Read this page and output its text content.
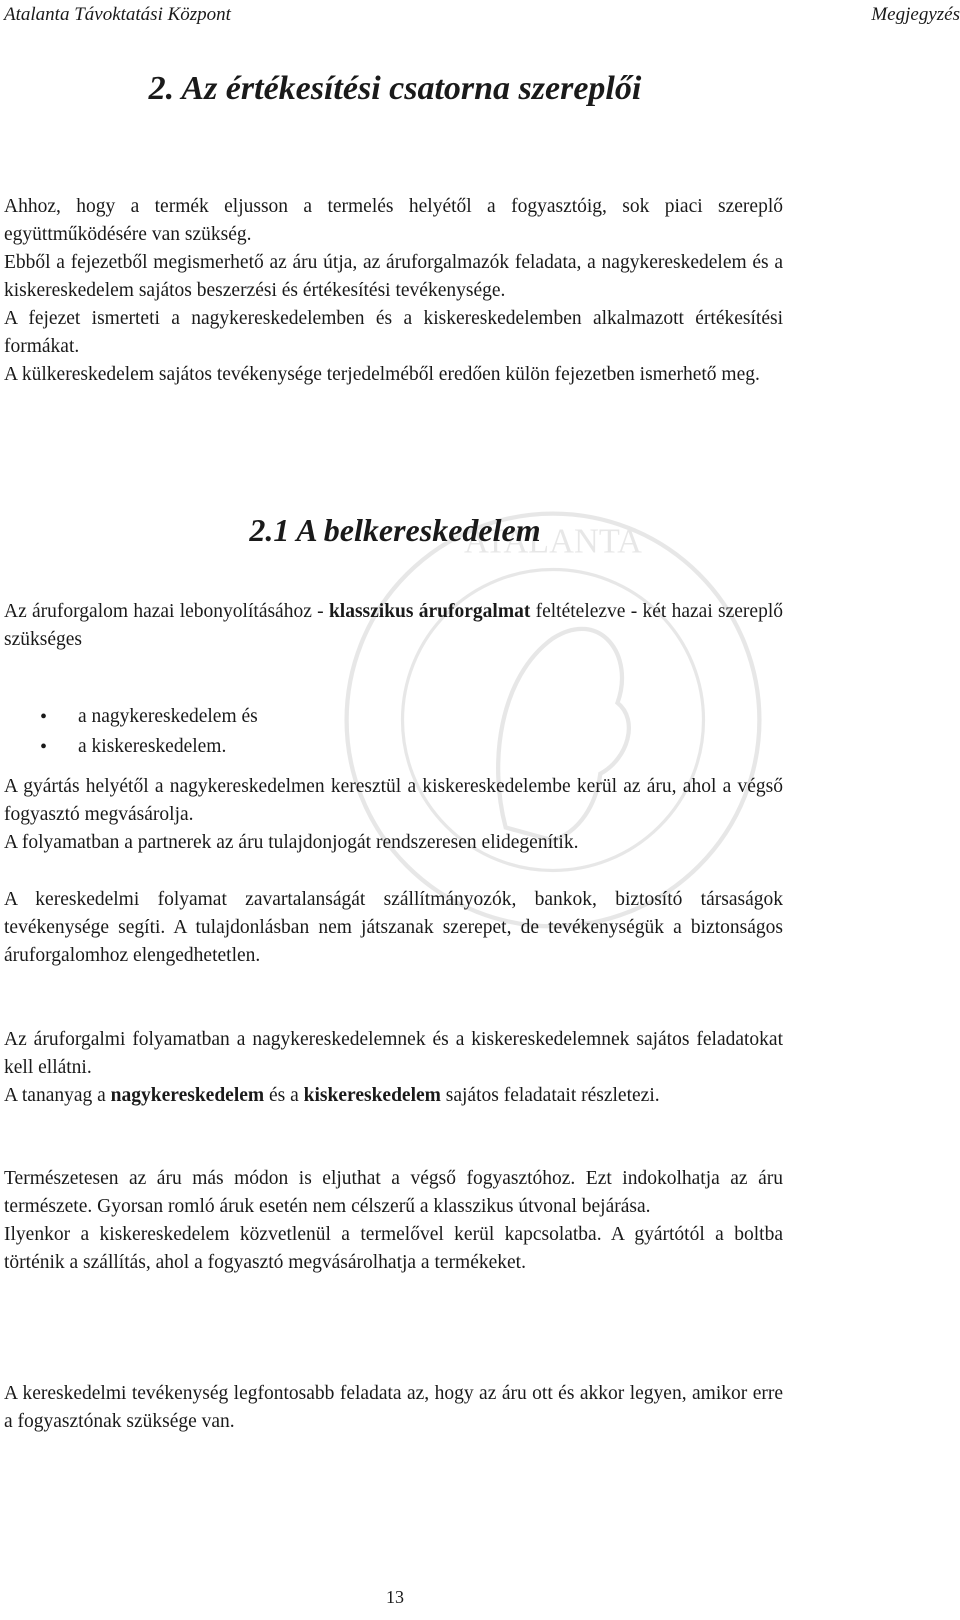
Atalanta Távoktatási Központ	Megjegyzés
2. Az értékesítési csatorna szereplői

Ahhoz, hogy a termék eljusson a termelés helyétől a fogyasztóig, sok piaci szereplő együttműködésére van szükség.

Ebből a fejezetből megismerhető az áru útja, az áruforgalmazók feladata, a nagykereskedelem és a kiskereskedelem sajátos beszerzési és értékesítési tevékenysége.

A fejezet ismerteti a nagykereskedelemben és a kiskereskedelemben alkalmazott értékesítési formákat.

A külkereskedelem sajátos tevékenysége terjedelméből eredően külön fejezetben ismerhető meg.

ATALANTA
2.1 A belkereskedelem

Az áruforgalom hazai lebonyolításához - klasszikus áruforgalmat feltételezve - két hazai szereplő szükséges

• a nagykereskedelem és
• a kiskereskedelem.

A gyártás helyétől a nagykereskedelmen keresztül a kiskereskedelembe kerül az áru, ahol a végső fogyasztó megvásárolja.

A folyamatban a partnerek az áru tulajdonjogát rendszeresen elidegenítik.

A kereskedelmi folyamat zavartalanságát szállítmányozók, bankok, biztosító társaságok tevékenysége segíti. A tulajdonlásban nem játszanak szerepet, de tevékenységük a biztonságos áruforgalomhoz elengedhetetlen.

Az áruforgalmi folyamatban a nagykereskedelemnek és a kiskereskedelemnek sajátos feladatokat kell ellátni.

A tananyag a nagykereskedelem és a kiskereskedelem sajátos feladatait részletezi.

Természetesen az áru más módon is eljuthat a végső fogyasztóhoz. Ezt indokolhatja az áru természete. Gyorsan romló áruk esetén nem célszerű a klasszikus útvonal bejárása.

Ilyenkor a kiskereskedelem közvetlenül a termelővel kerül kapcsolatba. A gyártótól a boltba történik a szállítás, ahol a fogyasztó megvásárolhatja a termékeket.

A kereskedelmi tevékenység legfontosabb feladata az, hogy az áru ott és akkor legyen, amikor erre a fogyasztónak szüksége van.

13
